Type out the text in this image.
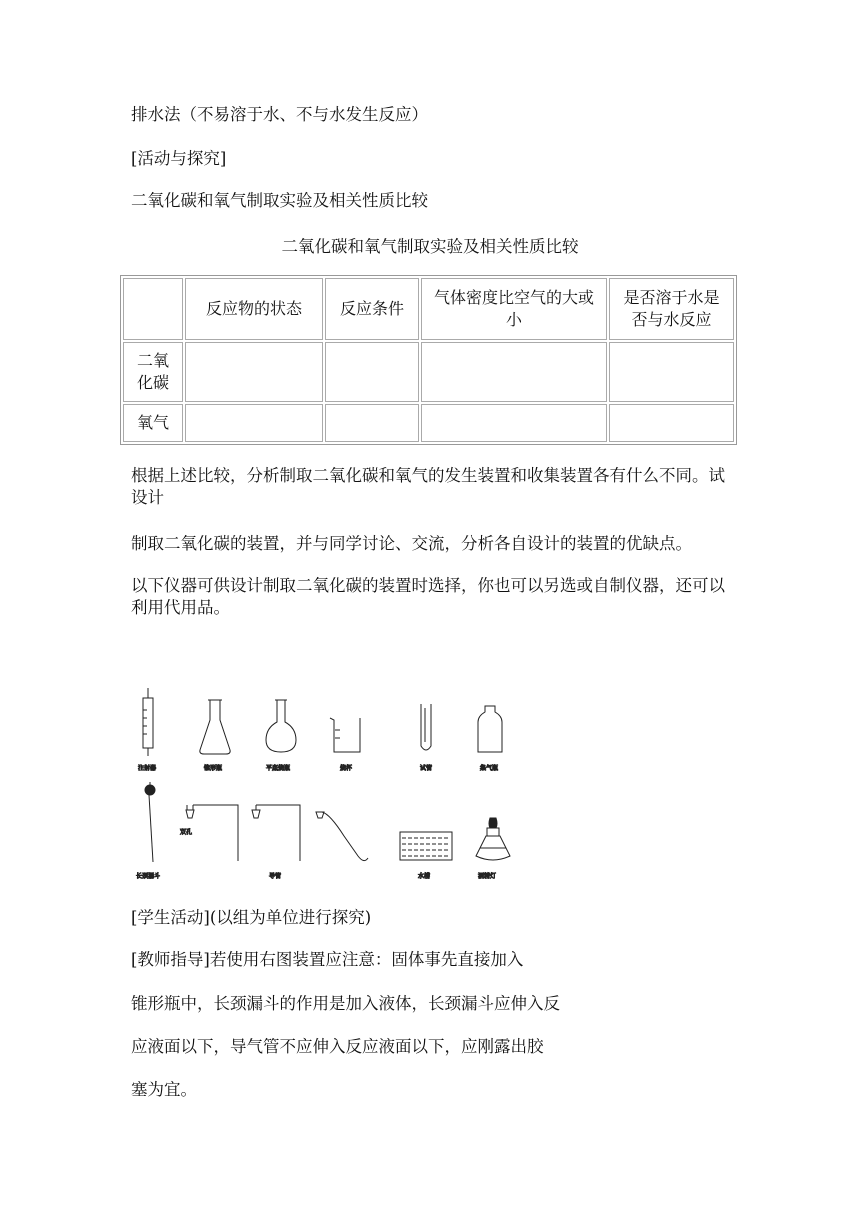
排水法（不易溶于水、不与水发生反应）
[活动与探究]
二氧化碳和氧气制取实验及相关性质比较
二氧化碳和氧气制取实验及相关性质比较
	反应物的状态	反应条件	气体密度比空气的大或小	是否溶于水是否与水反应
二氧化碳				
氧气				
根据上述比较，分析制取二氧化碳和氧气的发生装置和收集装置各有什么不同。试设计
制取二氧化碳的装置，并与同学讨论、交流，分析各自设计的装置的优缺点。
以下仪器可供设计制取二氧化碳的装置时选择，你也可以另选或自制仪器，还可以利用代用品。
注射器	锥形瓶	平底烧瓶	烧杯	试管	集气瓶
长颈漏斗
双孔
导管	水槽	酒精灯
[学生活动](以组为单位进行探究)
[教师指导]若使用右图装置应注意：固体事先直接加入
锥形瓶中，长颈漏斗的作用是加入液体，长颈漏斗应伸入反
应液面以下，导气管不应伸入反应液面以下，应刚露出胶
塞为宜。
